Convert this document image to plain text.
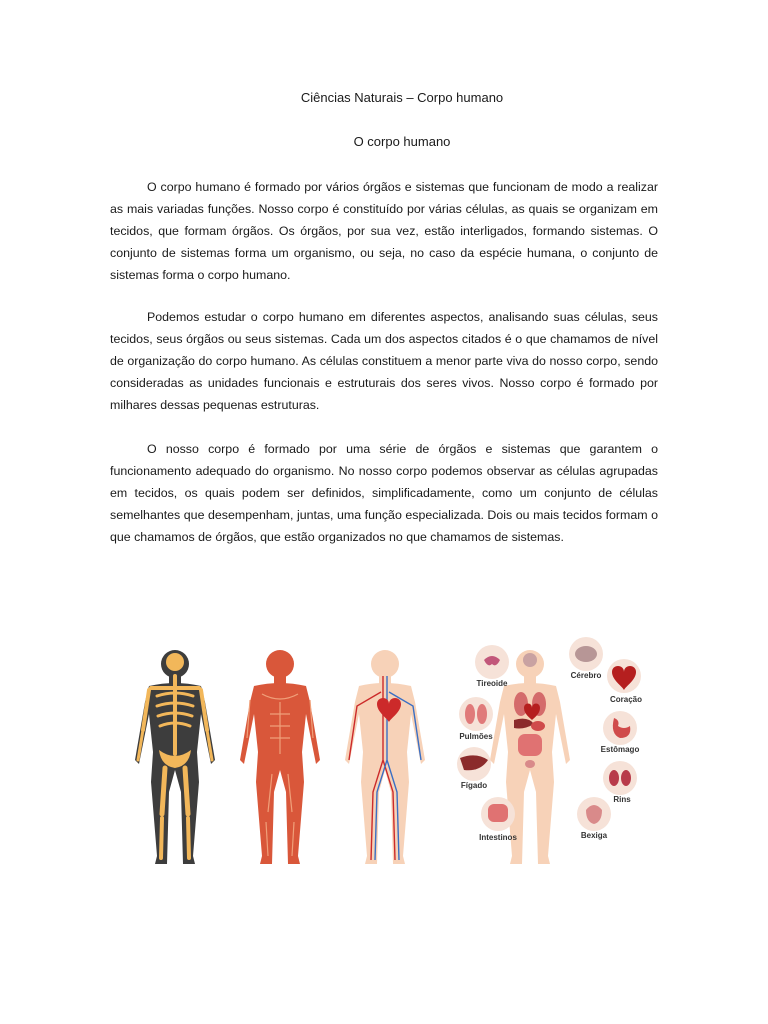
Ciências Naturais – Corpo humano
O corpo humano

O corpo humano é formado por vários órgãos e sistemas que funcionam de modo a realizar as mais variadas funções. Nosso corpo é constituído por várias células, as quais se organizam em tecidos, que formam órgãos. Os órgãos, por sua vez, estão interligados, formando sistemas. O conjunto de sistemas forma um organismo, ou seja, no caso da espécie humana, o conjunto de sistemas forma o corpo humano.

Podemos estudar o corpo humano em diferentes aspectos, analisando suas células, seus tecidos, seus órgãos ou seus sistemas. Cada um dos aspectos citados é o que chamamos de nível de organização do corpo humano. As células constituem a menor parte viva do nosso corpo, sendo consideradas as unidades funcionais e estruturais dos seres vivos. Nosso corpo é formado por milhares dessas pequenas estruturas.

O nosso corpo é formado por uma série de órgãos e sistemas que garantem o funcionamento adequado do organismo. No nosso corpo podemos observar as células agrupadas em tecidos, os quais podem ser definidos, simplificadamente, como um conjunto de células semelhantes que desempenham, juntas, uma função especializada. Dois ou mais tecidos formam o que chamamos de órgãos, que estão organizados no que chamamos de sistemas.

Tireoide
Cérebro
Coração
Pulmões
Estômago
Fígado
Rins
Intestinos	Bexiga
